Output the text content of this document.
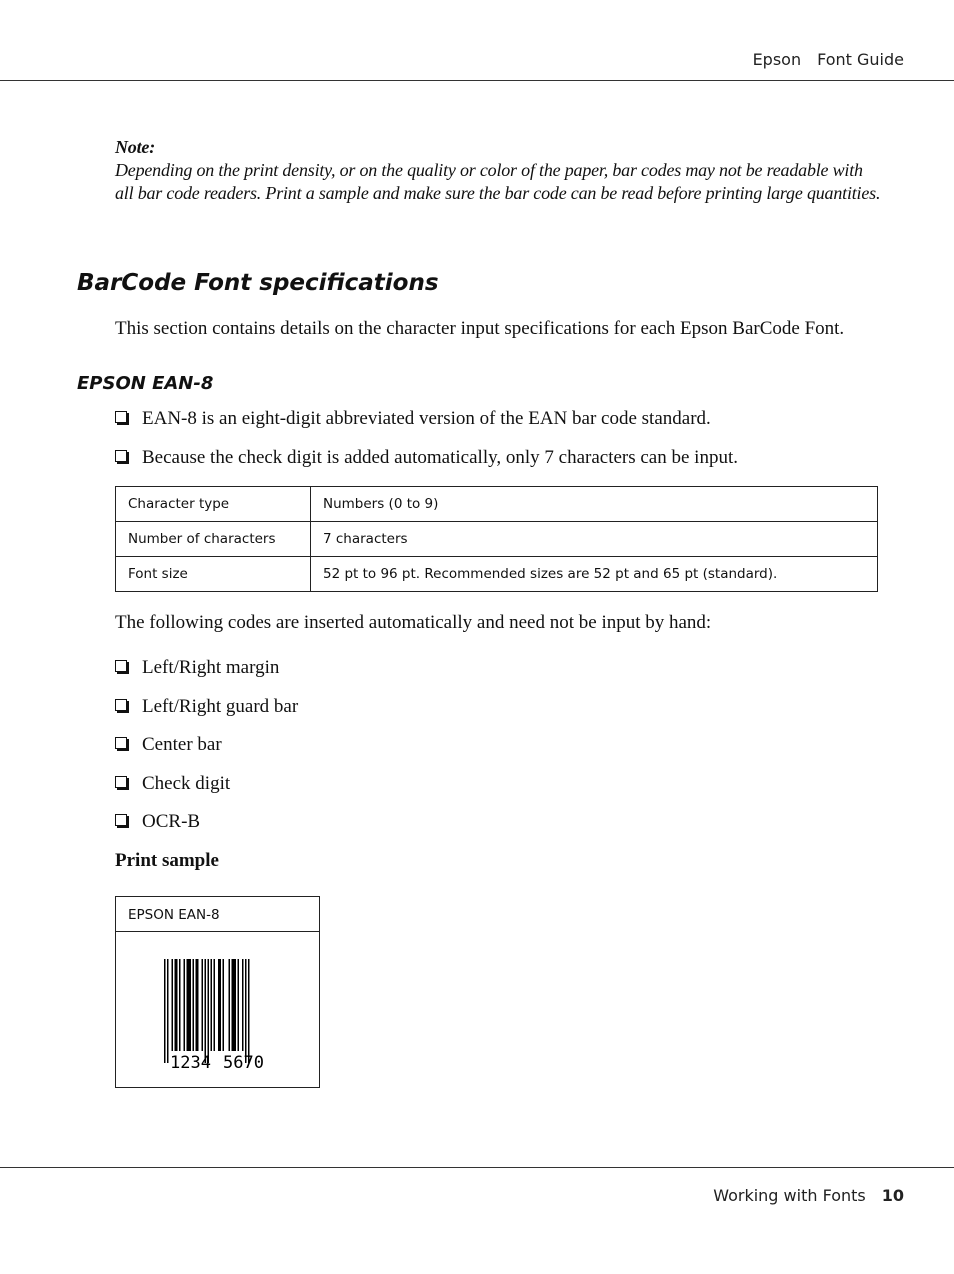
Epson Font Guide
Note:
Depending on the print density, or on the quality or color of the paper, bar codes may not be readable with all bar code readers. Print a sample and make sure the bar code can be read before printing large quantities.
BarCode Font specifications
This section contains details on the character input specifications for each Epson BarCode Font.
EPSON EAN-8
EAN-8 is an eight-digit abbreviated version of the EAN bar code standard.
Because the check digit is added automatically, only 7 characters can be input.
Character type	Numbers (0 to 9)
Number of characters	7 characters
Font size	52 pt to 96 pt. Recommended sizes are 52 pt and 65 pt (standard).
The following codes are inserted automatically and need not be input by hand:
Left/Right margin
Left/Right guard bar
Center bar
Check digit
OCR-B
Print sample
EPSON EAN-8
1234 5670
Working with Fonts 10
